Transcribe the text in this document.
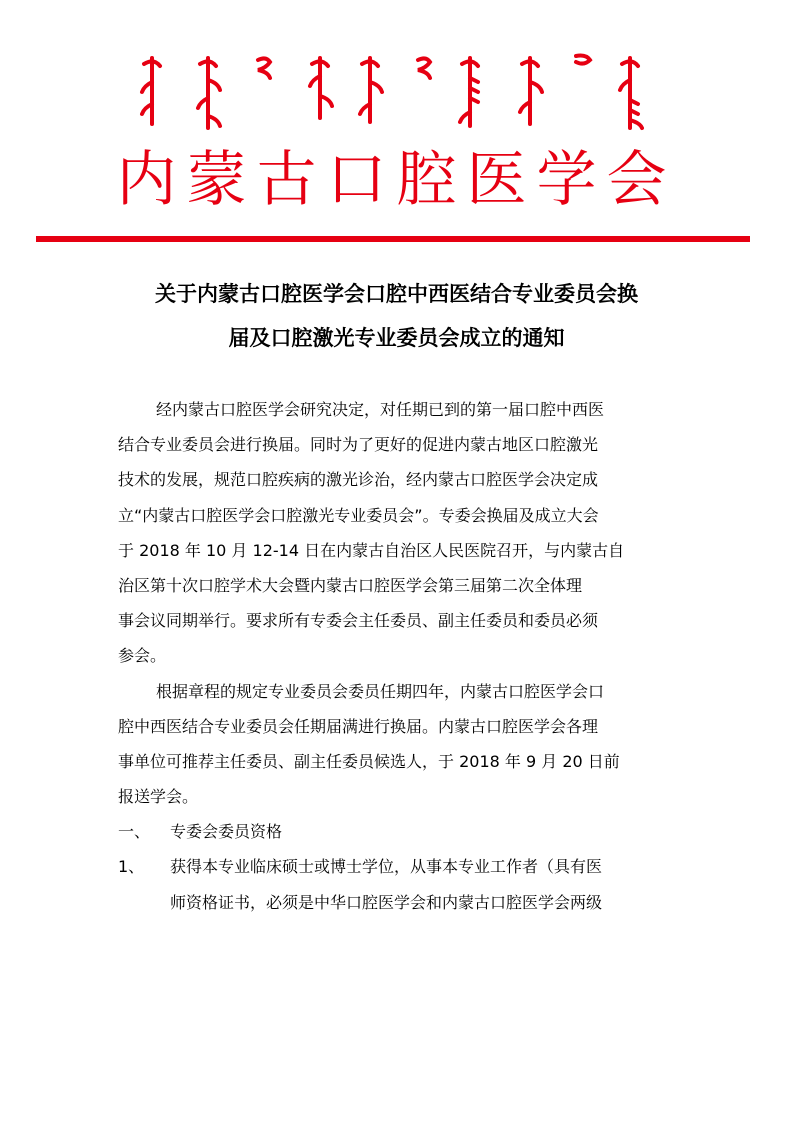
内蒙古口腔医学会
关于内蒙古口腔医学会口腔中西医结合专业委员会换
届及口腔激光专业委员会成立的通知
经内蒙古口腔医学会研究决定，对任期已到的第一届口腔中西医
结合专业委员会进行换届。同时为了更好的促进内蒙古地区口腔激光
技术的发展，规范口腔疾病的激光诊治，经内蒙古口腔医学会决定成
立“内蒙古口腔医学会口腔激光专业委员会”。专委会换届及成立大会
于 2018 年 10 月 12-14 日在内蒙古自治区人民医院召开，与内蒙古自
治区第十次口腔学术大会暨内蒙古口腔医学会第三届第二次全体理
事会议同期举行。要求所有专委会主任委员、副主任委员和委员必须
参会。
根据章程的规定专业委员会委员任期四年，内蒙古口腔医学会口
腔中西医结合专业委员会任期届满进行换届。内蒙古口腔医学会各理
事单位可推荐主任委员、副主任委员候选人，于 2018 年 9 月 20 日前
报送学会。
一、 专委会委员资格
1、 获得本专业临床硕士或博士学位，从事本专业工作者（具有医
师资格证书，必须是中华口腔医学会和内蒙古口腔医学会两级
